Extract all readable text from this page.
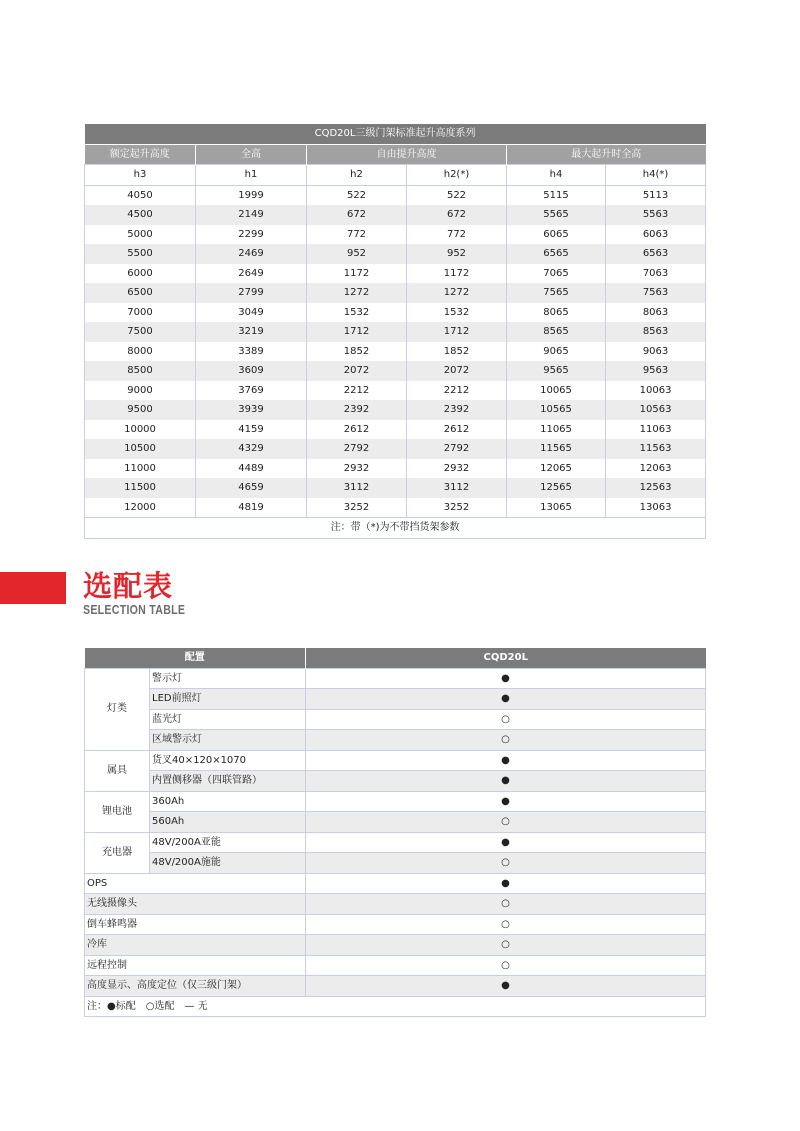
CQD20L三级门架标准起升高度系列					
额定起升高度	全高	自由提升高度		最大起升时全高	
h3	h1	h2	h2(*)	h4	h4(*)
4050	1999	522	522	5115	5113
4500	2149	672	672	5565	5563
5000	2299	772	772	6065	6063
5500	2469	952	952	6565	6563
6000	2649	1172	1172	7065	7063
6500	2799	1272	1272	7565	7563
7000	3049	1532	1532	8065	8063
7500	3219	1712	1712	8565	8563
8000	3389	1852	1852	9065	9063
8500	3609	2072	2072	9565	9563
9000	3769	2212	2212	10065	10063
9500	3939	2392	2392	10565	10563
10000	4159	2612	2612	11065	11063
10500	4329	2792	2792	11565	11563
11000	4489	2932	2932	12065	12063
11500	4659	3112	3112	12565	12563
12000	4819	3252	3252	13065	13063
注：带（*)为不带挡货架参数					
选配表
SELECTION TABLE
配置		CQD20L
灯类	警示灯	●
	LED前照灯	●
	蓝光灯	○
	区域警示灯	○
属具	货叉40×120×1070	●
	内置侧移器（四联管路）	●
锂电池	360Ah	●
	560Ah	○
充电器	48V/200A亚能	●
	48V/200A施能	○
OPS		●
无线摄像头		○
倒车蜂鸣器		○
冷库		○
远程控制		○
高度显示、高度定位（仅三级门架）		●
注：●标配　○选配　— 无		
